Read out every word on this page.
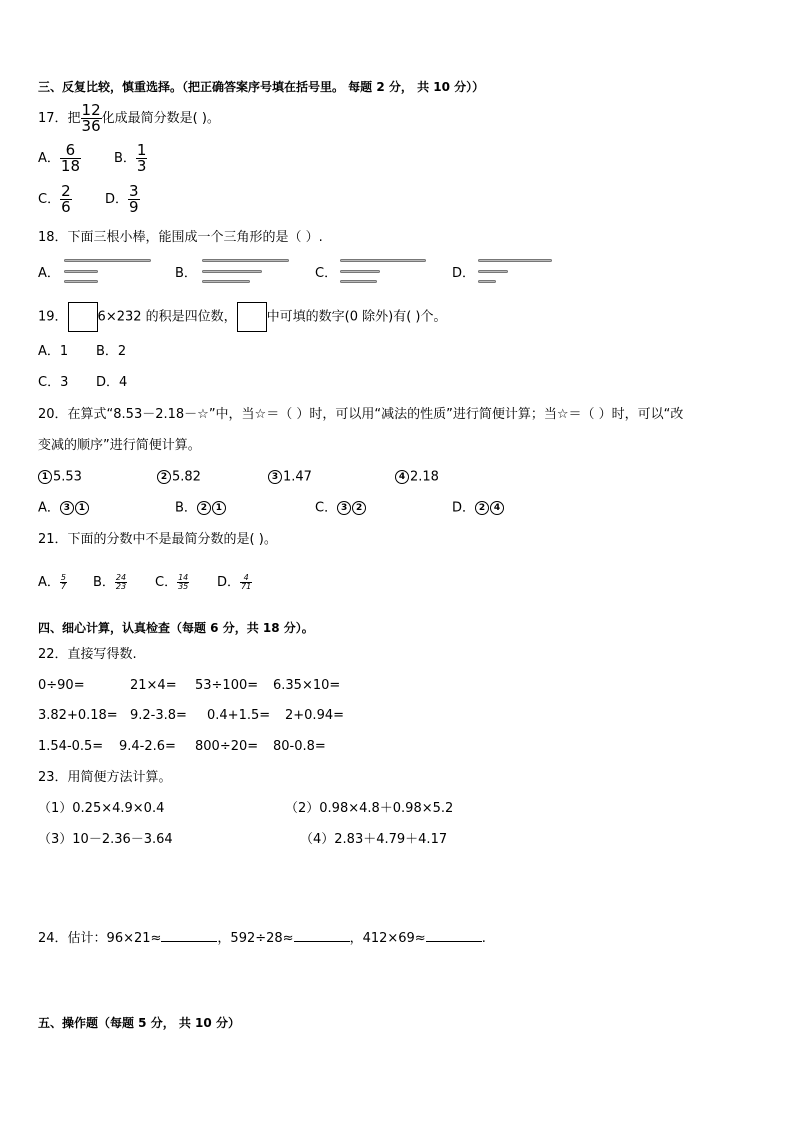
三、反复比较，慎重选择。（把正确答案序号填在括号里。 每题 2 分， 共 10 分））
17．把 $\frac{12}{36}$ 化成最简分数是( )。
A． $\frac{6}{18}$	B． $\frac{1}{3}$
C． $\frac{2}{6}$	D． $\frac{3}{9}$
18．下面三根小棒，能围成一个三角形的是（ ）.
A．	B．	C．	D．
19． 6×232 的积是四位数， 中可填的数字(0 除外)有( )个。
A．1 B．2
C．3 D．4
20．在算式“8.53－2.18－☆”中，当☆＝（ ）时，可以用“减法的性质”进行简便计算；当☆＝（ ）时，可以“改
变减的顺序”进行简便计算。
1 5.53	2 5.82	3 1.47	4 2.18
A． 3 1	B． 2 1	C． 3 2	D． 2 4
21．下面的分数中不是最简分数的是( )。
A． $\frac{5}{7}$ B． $\frac{24}{23}$ C． $\frac{14}{35}$ D． $\frac{4}{71}$
四、细心计算，认真检查（每题 6 分，共 18 分）。
22．直接写得数.
0÷90=	21×4= 53÷100= 6.35×10=
3.82+0.18= 9.2-3.8= 0.4+1.5= 2+0.94=
1.54-0.5= 9.4-2.6= 800÷20= 80-0.8=
23．用简便方法计算。
（1）0.25×4.9×0.4	（2）0.98×4.8＋0.98×5.2
（3）10－2.36－3.64	（4）2.83＋4.79＋4.17
24．估计：96×21≈	，592÷28≈	，412×69≈	.
五、操作题（每题 5 分， 共 10 分）
